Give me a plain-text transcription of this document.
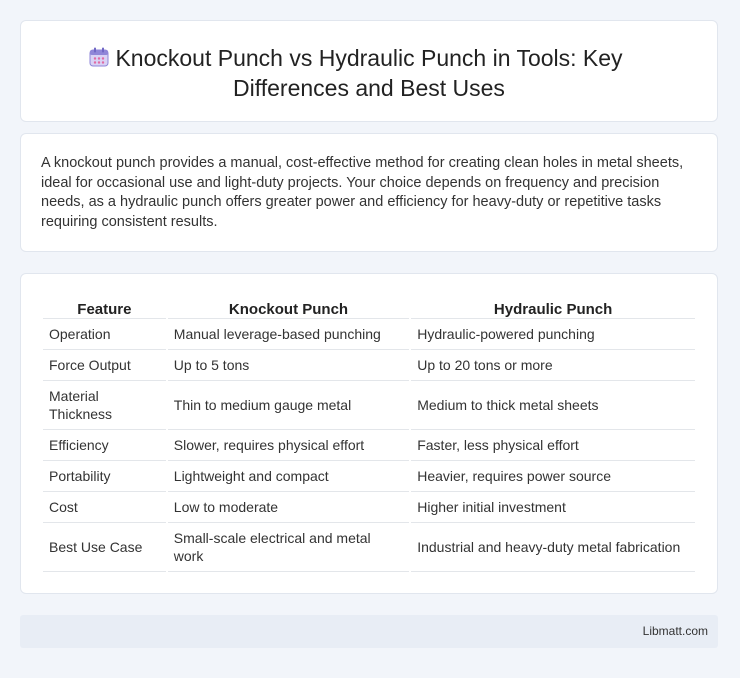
Knockout Punch vs Hydraulic Punch in Tools: Key
Differences and Best Uses

A knockout punch provides a manual, cost-effective method for creating clean holes in metal sheets, ideal for occasional use and light-duty projects. Your choice depends on frequency and precision needs, as a hydraulic punch offers greater power and efficiency for heavy-duty or repetitive tasks requiring consistent results.

Feature	Knockout Punch	Hydraulic Punch
Operation	Manual leverage-based punching	Hydraulic-powered punching
Force Output	Up to 5 tons	Up to 20 tons or more
Material Thickness	Thin to medium gauge metal	Medium to thick metal sheets
Efficiency	Slower, requires physical effort	Faster, less physical effort
Portability	Lightweight and compact	Heavier, requires power source
Cost	Low to moderate	Higher initial investment
Best Use Case	Small-scale electrical and metal work	Industrial and heavy-duty metal fabrication
Libmatt.com
